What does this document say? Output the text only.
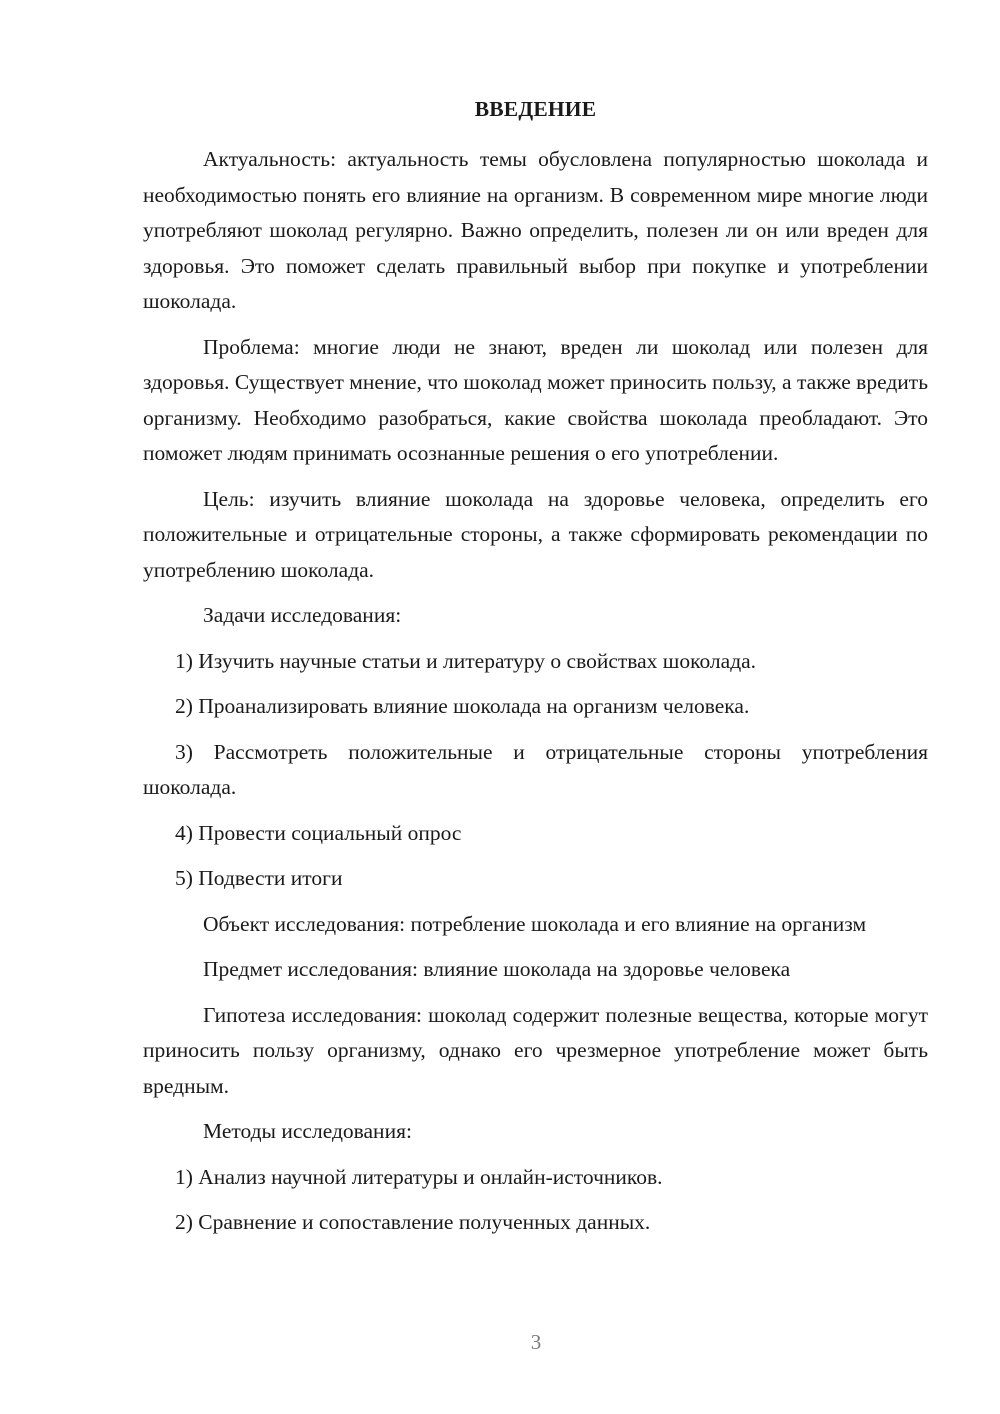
ВВЕДЕНИЕ

Актуальность: актуальность темы обусловлена популярностью шоколада и необходимостью понять его влияние на организм. В современном мире многие люди употребляют шоколад регулярно. Важно определить, полезен ли он или вреден для здоровья. Это поможет сделать правильный выбор при покупке и употреблении шоколада.

Проблема: многие люди не знают, вреден ли шоколад или полезен для здоровья. Существует мнение, что шоколад может приносить пользу, а также вредить организму. Необходимо разобраться, какие свойства шоколада преобладают. Это поможет людям принимать осознанные решения о его употреблении.

Цель: изучить влияние шоколада на здоровье человека, определить его положительные и отрицательные стороны, а также сформировать рекомендации по употреблению шоколада.

Задачи исследования:

1) Изучить научные статьи и литературу о свойствах шоколада.

2) Проанализировать влияние шоколада на организм человека.

3) Рассмотреть положительные и отрицательные стороны употребления шоколада.

4) Провести социальный опрос

5) Подвести итоги

Объект исследования: потребление шоколада и его влияние на организм

Предмет исследования: влияние шоколада на здоровье человека

Гипотеза исследования: шоколад содержит полезные вещества, которые могут приносить пользу организму, однако его чрезмерное употребление может быть вредным.

Методы исследования:

1) Анализ научной литературы и онлайн-источников.

2) Сравнение и сопоставление полученных данных.

3
